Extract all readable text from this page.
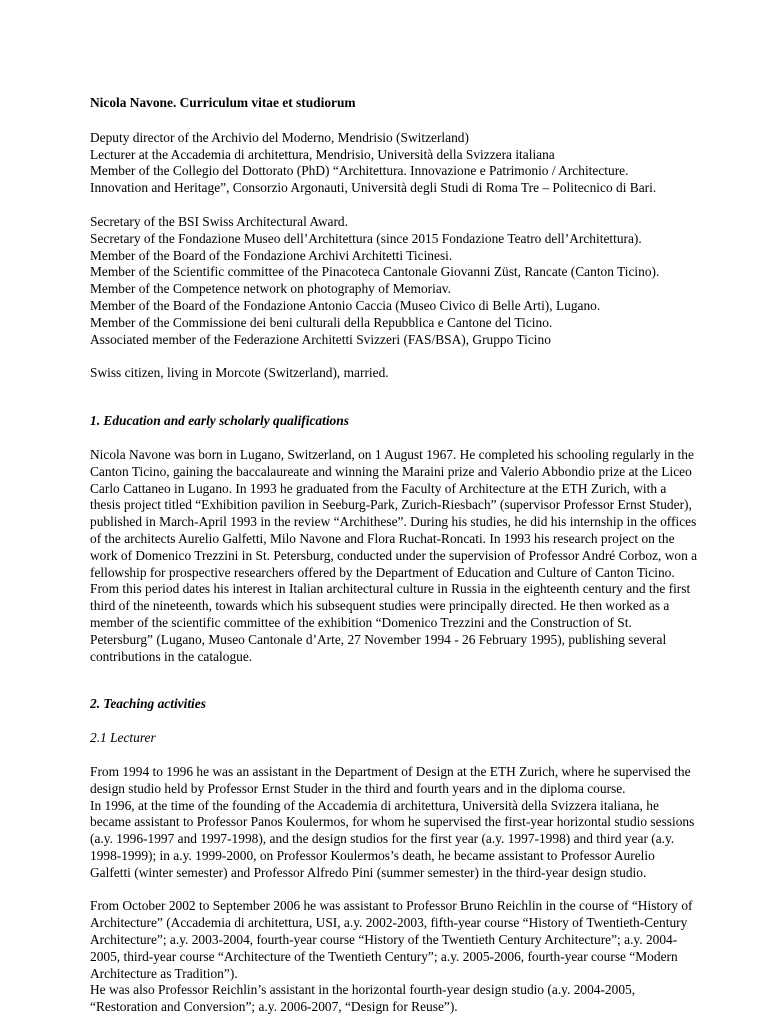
Nicola Navone. Curriculum vitae et studiorum
Deputy director of the Archivio del Moderno, Mendrisio (Switzerland)
Lecturer at the Accademia di architettura, Mendrisio, Università della Svizzera italiana
Member of the Collegio del Dottorato (PhD) “Architettura. Innovazione e Patrimonio / Architecture.
Innovation and Heritage”, Consorzio Argonauti, Università degli Studi di Roma Tre – Politecnico di Bari.
Secretary of the BSI Swiss Architectural Award.
Secretary of the Fondazione Museo dell’Architettura (since 2015 Fondazione Teatro dell’Architettura).
Member of the Board of the Fondazione Archivi Architetti Ticinesi.
Member of the Scientific committee of the Pinacoteca Cantonale Giovanni Züst, Rancate (Canton Ticino).
Member of the Competence network on photography of Memoriav.
Member of the Board of the Fondazione Antonio Caccia (Museo Civico di Belle Arti), Lugano.
Member of the Commissione dei beni culturali della Repubblica e Cantone del Ticino.
Associated member of the Federazione Architetti Svizzeri (FAS/BSA), Gruppo Ticino

Swiss citizen, living in Morcote (Switzerland), married.

1. Education and early scholarly qualifications

Nicola Navone was born in Lugano, Switzerland, on 1 August 1967. He completed his schooling regularly in the Canton Ticino, gaining the baccalaureate and winning the Maraini prize and Valerio Abbondio prize at the Liceo Carlo Cattaneo in Lugano. In 1993 he graduated from the Faculty of Architecture at the ETH Zurich, with a thesis project titled “Exhibition pavilion in Seeburg-Park, Zurich-Riesbach” (supervisor Professor Ernst Studer), published in March-April 1993 in the review “Archithese”. During his studies, he did his internship in the offices of the architects Aurelio Galfetti, Milo Navone and Flora Ruchat-Roncati. In 1993 his research project on the work of Domenico Trezzini in St. Petersburg, conducted under the supervision of Professor André Corboz, won a fellowship for prospective researchers offered by the Department of Education and Culture of Canton Ticino. From this period dates his interest in Italian architectural culture in Russia in the eighteenth century and the first third of the nineteenth, towards which his subsequent studies were principally directed. He then worked as a member of the scientific committee of the exhibition “Domenico Trezzini and the Construction of St. Petersburg” (Lugano, Museo Cantonale d’Arte, 27 November 1994 - 26 February 1995), publishing several contributions in the catalogue.

2. Teaching activities
2.1 Lecturer

From 1994 to 1996 he was an assistant in the Department of Design at the ETH Zurich, where he supervised the design studio held by Professor Ernst Studer in the third and fourth years and in the diploma course.

In 1996, at the time of the founding of the Accademia di architettura, Università della Svizzera italiana, he became assistant to Professor Panos Koulermos, for whom he supervised the first-year horizontal studio sessions (a.y. 1996-1997 and 1997-1998), and the design studios for the first year (a.y. 1997-1998) and third year (a.y. 1998-1999); in a.y. 1999-2000, on Professor Koulermos’s death, he became assistant to Professor Aurelio Galfetti (winter semester) and Professor Alfredo Pini (summer semester) in the third-year design studio.

From October 2002 to September 2006 he was assistant to Professor Bruno Reichlin in the course of “History of Architecture” (Accademia di architettura, USI, a.y. 2002-2003, fifth-year course “History of Twentieth-Century Architecture”; a.y. 2003-2004, fourth-year course “History of the Twentieth Century Architecture”; a.y. 2004-2005, third-year course “Architecture of the Twentieth Century”; a.y. 2005-2006, fourth-year course “Modern Architecture as Tradition”).

He was also Professor Reichlin’s assistant in the horizontal fourth-year design studio (a.y. 2004-2005, “Restoration and Conversion”; a.y. 2006-2007, “Design for Reuse”).
